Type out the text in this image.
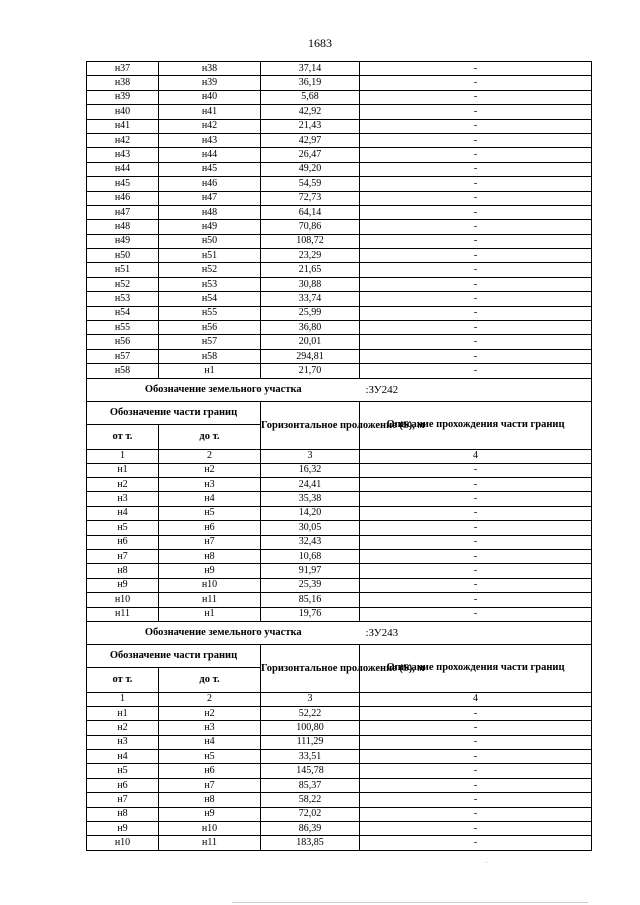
1683
н37	н38	37,14	-
н38	н39	36,19	-
н39	н40	5,68	-
н40	н41	42,92	-
н41	н42	21,43	-
н42	н43	42,97	-
н43	н44	26,47	-
н44	н45	49,20	-
н45	н46	54,59	-
н46	н47	72,73	-
н47	н48	64,14	-
н48	н49	70,86	-
н49	н50	108,72	-
н50	н51	23,29	-
н51	н52	21,65	-
н52	н53	30,88	-
н53	н54	33,74	-
н54	н55	25,99	-
н55	н56	36,80	-
н56	н57	20,01	-
н57	н58	294,81	-
н58	н1	21,70	-
Обозначение земельного участка			:ЗУ242
Обозначение части границ		Горизонтальное проложение (S), м	Описание прохождения части границ
от т.	до т.		
1	2	3	4
н1	н2	16,32	-
н2	н3	24,41	-
н3	н4	35,38	-
н4	н5	14,20	-
н5	н6	30,05	-
н6	н7	32,43	-
н7	н8	10,68	-
н8	н9	91,97	-
н9	н10	25,39	-
н10	н11	85,16	-
н11	н1	19,76	-
Обозначение земельного участка			:ЗУ243
Обозначение части границ		Горизонтальное проложение (S), м	Описание прохождения части границ
от т.	до т.		
1	2	3	4
н1	н2	52,22	-
н2	н3	100,80	-
н3	н4	111,29	-
н4	н5	33,51	-
н5	н6	145,78	-
н6	н7	85,37	-
н7	н8	58,22	-
н8	н9	72,02	-
н9	н10	86,39	-
н10	н11	183,85	-
